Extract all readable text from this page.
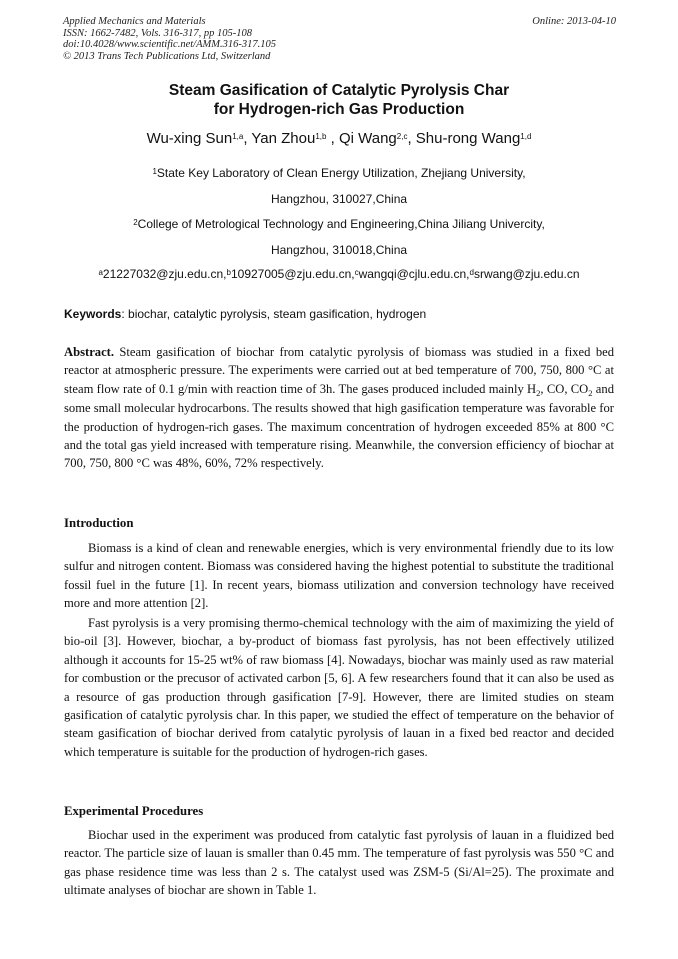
Applied Mechanics and Materials
ISSN: 1662-7482, Vols. 316-317, pp 105-108
doi:10.4028/www.scientific.net/AMM.316-317.105
© 2013 Trans Tech Publications Ltd, Switzerland
Online: 2013-04-10
Steam Gasification of Catalytic Pyrolysis Char
for Hydrogen-rich Gas Production
Wu-xing Sun$^{1,a}$, Yan Zhou$^{1,b}$ , Qi Wang$^{2,c}$, Shu-rong Wang$^{1,d}$
$^1$State Key Laboratory of Clean Energy Utilization, Zhejiang University,
Hangzhou, 310027,China
$^2$College of Metrological Technology and Engineering,China Jiliang Univercity,
Hangzhou, 310018,China
$^a$21227032@zju.edu.cn,$^b$10927005@zju.edu.cn,$^c$wangqi@cjlu.edu.cn,$^d$srwang@zju.edu.cn
Keywords: biochar, catalytic pyrolysis, steam gasification, hydrogen
Abstract. Steam gasification of biochar from catalytic pyrolysis of biomass was studied in a fixed bed reactor at atmospheric pressure. The experiments were carried out at bed temperature of 700, 750, 800 °C at steam flow rate of 0.1 g/min with reaction time of 3h. The gases produced included mainly $H_2$, CO, $CO_2$ and some small molecular hydrocarbons. The results showed that high gasification temperature was favorable for the production of hydrogen-rich gases. The maximum concentration of hydrogen exceeded 85% at 800 °C and the total gas yield increased with temperature rising. Meanwhile, the conversion efficiency of biochar at 700, 750, 800 °C was 48%, 60%, 72% respectively.
Introduction
Biomass is a kind of clean and renewable energies, which is very environmental friendly due to its low sulfur and nitrogen content. Biomass was considered having the highest potential to substitute the traditional fossil fuel in the future [1]. In recent years, biomass utilization and conversion technology have received more and more attention [2].
Fast pyrolysis is a very promising thermo-chemical technology with the aim of maximizing the yield of bio-oil [3]. However, biochar, a by-product of biomass fast pyrolysis, has not been effectively utilized although it accounts for 15-25 wt% of raw biomass [4]. Nowadays, biochar was mainly used as raw material for combustion or the precusor of activated carbon [5, 6]. A few researchers found that it can also be used as a resource of gas production through gasification [7-9]. However, there are limited studies on steam gasification of catalytic pyrolysis char. In this paper, we studied the effect of temperature on the behavior of steam gasification of biochar derived from catalytic pyrolysis of lauan in a fixed bed reactor and decided which temperature is suitable for the production of hydrogen-rich gases.
Experimental Procedures
Biochar used in the experiment was produced from catalytic fast pyrolysis of lauan in a fluidized bed reactor. The particle size of lauan is smaller than 0.45 mm. The temperature of fast pyrolysis was 550 °C and gas phase residence time was less than 2 s. The catalyst used was ZSM-5 (Si/Al=25). The proximate and ultimate analyses of biochar are shown in Table 1.
